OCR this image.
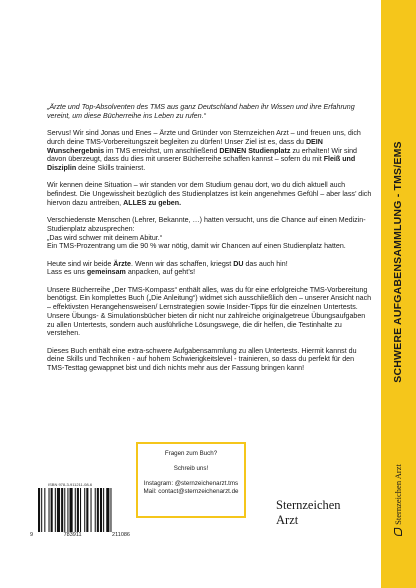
SCHWERE AUFGABENSAMMLUNG - TMS/EMS
Sternzeichen Arzt

„Ärzte und Top-Absolventen des TMS aus ganz Deutschland haben ihr Wissen und ihre Erfahrung vereint, um diese Bücherreihe ins Leben zu rufen.“

Servus! Wir sind Jonas und Enes – Ärzte und Gründer von Sternzeichen Arzt – und freuen uns, dich durch deine TMS-Vorbereitungszeit begleiten zu dürfen! Unser Ziel ist es, dass du DEIN Wunschergebnis im TMS erreichst, um anschließend DEINEN Studienplatz zu erhalten! Wir sind davon überzeugt, dass du dies mit unserer Bücherreihe schaffen kannst – sofern du mit Fleiß und Disziplin deine Skills trainierst.

Wir kennen deine Situation – wir standen vor dem Studium genau dort, wo du dich aktuell auch befindest. Die Ungewissheit bezüglich des Studienplatzes ist kein angenehmes Gefühl – aber lass’ dich hiervon dazu antreiben, ALLES zu geben.

Verschiedenste Menschen (Lehrer, Bekannte, …) hatten versucht, uns die Chance auf einen Medizin-Studienplatz abzusprechen:
„Das wird schwer mit deinem Abitur.“
Ein TMS-Prozentrang um die 90 % war nötig, damit wir Chancen auf einen Studienplatz hatten.

Heute sind wir beide Ärzte. Wenn wir das schaffen, kriegst DU das auch hin!
Lass es uns gemeinsam anpacken, auf geht’s!

Unsere Bücherreihe „Der TMS-Kompass“ enthält alles, was du für eine erfolgreiche TMS-Vorbereitung benötigst. Ein komplettes Buch („Die Anleitung“) widmet sich ausschließlich den – unserer Ansicht nach – effektivsten Herangehensweisen/ Lernstrategien sowie Insider-Tipps für die einzelnen Untertests. Unsere Übungs- & Simulationsbücher bieten dir nicht nur zahlreiche originalgetreue Übungsaufgaben zu allen Untertests, sondern auch ausführliche Lösungswege, die dir helfen, die Testinhalte zu verstehen.

Dieses Buch enthält eine extra-schwere Aufgabensammlung zu allen Untertests. Hiermit kannst du deine Skills und Techniken - auf hohem Schwierigkeitslevel - trainieren, so dass du perfekt für den TMS-Testtag gewappnet bist und dich nichts mehr aus der Fassung bringen kann!

Fragen zum Buch?
Schreib uns!
Instagram: @sternzeichenarzt.tms
Mail: contact@sternzeichenarzt.de
ISBN 978-3-911211-08-6
9	783911	211086
Sternzeichen
Arzt
